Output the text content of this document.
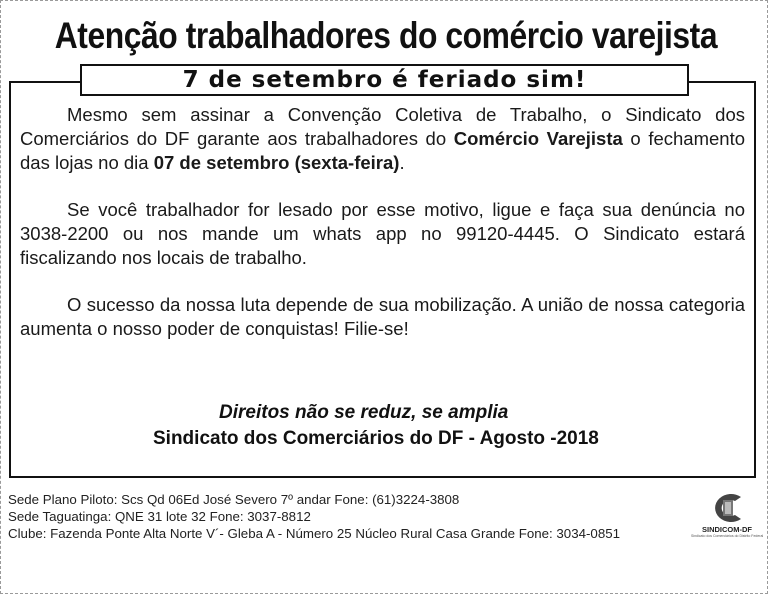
Atenção trabalhadores do comércio varejista
7 de setembro é feriado sim!

Mesmo sem assinar a Convenção Coletiva de Trabalho, o Sindicato dos Comerciários do DF garante aos trabalhadores do Comércio Varejista o fechamento das lojas no dia 07 de setembro (sexta-feira).

Se você trabalhador for lesado por esse motivo, ligue e faça sua denúncia no 3038-2200 ou nos mande um whats app no 99120-4445. O Sindicato estará fiscalizando nos locais de trabalho.

O sucesso da nossa luta depende de sua mobilização. A união de nossa categoria aumenta o nosso poder de conquistas! Filie-se!

Direitos não se reduz, se amplia
Sindicato dos Comerciários do DF - Agosto -2018
Sede Plano Piloto: Scs Qd 06Ed José Severo 7º andar Fone: (61)3224-3808
Sede Taguatinga: QNE 31 lote 32 Fone: 3037-8812
Clube: Fazenda Ponte Alta Norte V´- Gleba A - Número 25 Núcleo Rural Casa Grande Fone: 3034-0851	SINDICOM-DF
Sindicato dos Comerciários do Distrito Federal
